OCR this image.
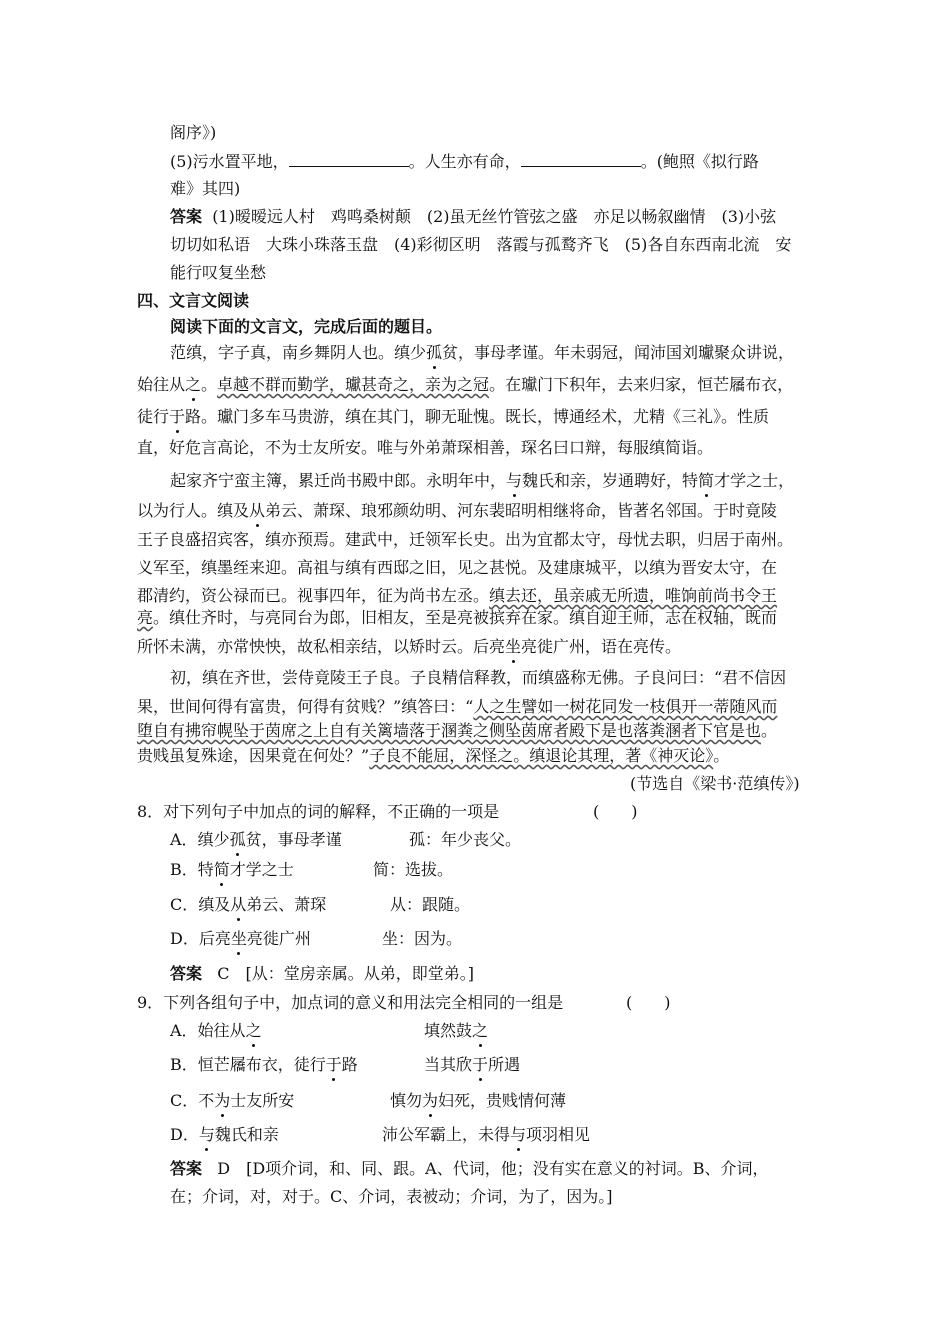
阁序》)
(5)污水置平地，	。人生亦有命，	。(鲍照《拟行路
难》其四)
答案 (1)暧暧远人村　鸡鸣桑树颠　(2)虽无丝竹管弦之盛　亦足以畅叙幽情　(3)小弦
切切如私语　大珠小珠落玉盘　(4)彩彻区明　落霞与孤鹜齐飞　(5)各自东西南北流　安
能行叹复坐愁
四、文言文阅读
阅读下面的文言文，完成后面的题目。
范缜，字子真，南乡舞阴人也。缜少孤贫，事母孝谨。年未弱冠，闻沛国刘瓛聚众讲说，
始往从之。卓越不群而勤学，瓛甚奇之，亲为之冠。在瓛门下积年，去来归家，恒芒屩布衣，
徒行于路。瓛门多车马贵游，缜在其门，聊无耻愧。既长，博通经术，尤精《三礼》。性质
直，好危言高论，不为士友所安。唯与外弟萧琛相善，琛名曰口辩，每服缜简诣。
起家齐宁蛮主簿，累迁尚书殿中郎。永明年中，与魏氏和亲，岁通聘好，特简才学之士，
以为行人。缜及从弟云、萧琛、琅邪颜幼明、河东裴昭明相继将命，皆著名邻国。于时竟陵
王子良盛招宾客，缜亦预焉。建武中，迁领军长史。出为宜都太守，母忧去职，归居于南州。
义军至，缜墨绖来迎。高祖与缜有西邸之旧，见之甚悦。及建康城平，以缜为晋安太守，在
郡清约，资公禄而已。视事四年，征为尚书左丞。缜去还，虽亲戚无所遗，唯饷前尚书令王
亮。缜仕齐时，与亮同台为郎，旧相友，至是亮被摈弃在家。缜自迎王师，志在权轴，既而
所怀未满，亦常怏怏，故私相亲结，以矫时云。后亮坐亮徙广州，语在亮传。
初，缜在齐世，尝侍竟陵王子良。子良精信释教，而缜盛称无佛。子良问曰：“君不信因
果，世间何得有富贵，何得有贫贱？”缜答曰：“人之生譬如一树花同发一枝俱开一蒂随风而
堕自有拂帘幌坠于茵席之上自有关篱墙落于溷粪之侧坠茵席者殿下是也落粪溷者下官是也。
贵贱虽复殊途，因果竟在何处？”子良不能屈，深怪之。缜退论其理，著《神灭论》。
(节选自《梁书·范缜传》)
8．对下列句子中加点的词的解释，不正确的一项是	(　　)
A．缜少孤贫，事母孝谨	孤：年少丧父。
B．特简才学之士	简：选拔。
C．缜及从弟云、萧琛	从：跟随。
D．后亮坐亮徙广州	坐：因为。
答案 C　[从：堂房亲属。从弟，即堂弟。]
9．下列各组句子中，加点词的意义和用法完全相同的一组是	(　　)
A．始往从之	填然鼓之
B．恒芒屩布衣，徒行于路	当其欣于所遇
C．不为士友所安	慎勿为妇死，贵贱情何薄
D．与魏氏和亲	沛公军霸上，未得与项羽相见
答案 D　[D项介词，和、同、跟。A、代词，他；没有实在意义的衬词。B、介词，
在；介词，对，对于。C、介词，表被动；介词，为了，因为。]
